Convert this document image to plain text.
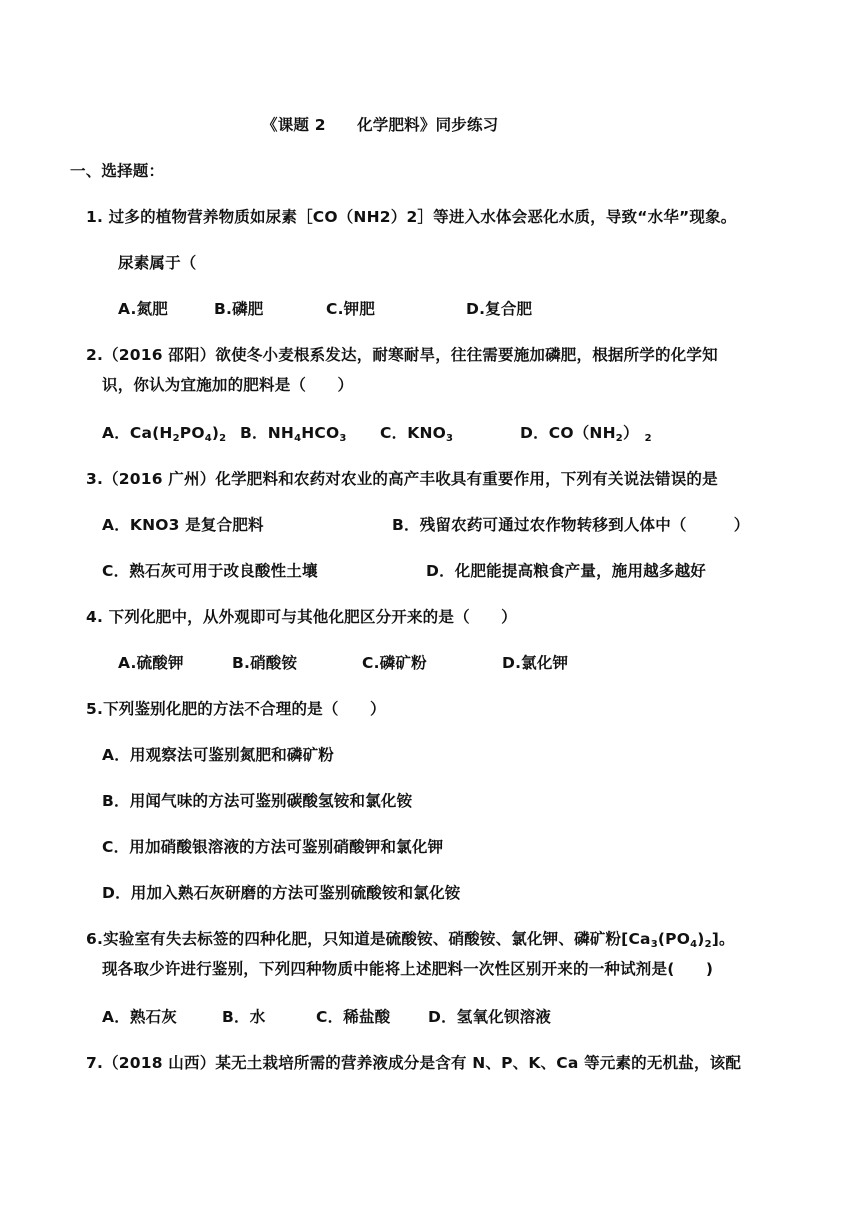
《课题 2　　化学肥料》同步练习
一、选择题：
1. 过多的植物营养物质如尿素［CO（NH2）2］等进入水体会恶化水质，导致“水华”现象。
尿素属于（
A.氮肥	B.磷肥	C.钾肥	D.复合肥
2.（2016 邵阳）欲使冬小麦根系发达，耐寒耐旱，往往需要施加磷肥，根据所学的化学知
识，你认为宜施加的肥料是（　　）
A．$Ca(H_2PO_4)_2$ B．$NH_4HCO_3$ C．$KNO_3$	D．$CO(NH_2)$ $_2$
3.（2016 广州）化学肥料和农药对农业的高产丰收具有重要作用，下列有关说法错误的是
A．KNO3 是复合肥料	B．残留农药可通过农作物转移到人体中（　　　）
C．熟石灰可用于改良酸性土壤	D．化肥能提高粮食产量，施用越多越好
4. 下列化肥中，从外观即可与其他化肥区分开来的是（　　）
A.硫酸钾	B.硝酸铵	C.磷矿粉	D.氯化钾
5.下列鉴别化肥的方法不合理的是（　　）
A．用观察法可鉴别氮肥和磷矿粉
B．用闻气味的方法可鉴别碳酸氢铵和氯化铵
C．用加硝酸银溶液的方法可鉴别硝酸钾和氯化钾
D．用加入熟石灰研磨的方法可鉴别硫酸铵和氯化铵
6.实验室有失去标签的四种化肥，只知道是硫酸铵、硝酸铵、氯化钾、磷矿粉$[Ca_3(PO_4)_2]$。
现各取少许进行鉴别，下列四种物质中能将上述肥料一次性区别开来的一种试剂是(　　)
A．熟石灰	B．水	C．稀盐酸 D．氢氧化钡溶液
7.（2018 山西）某无土栽培所需的营养液成分是含有 N、P、K、Ca 等元素的无机盐，该配
